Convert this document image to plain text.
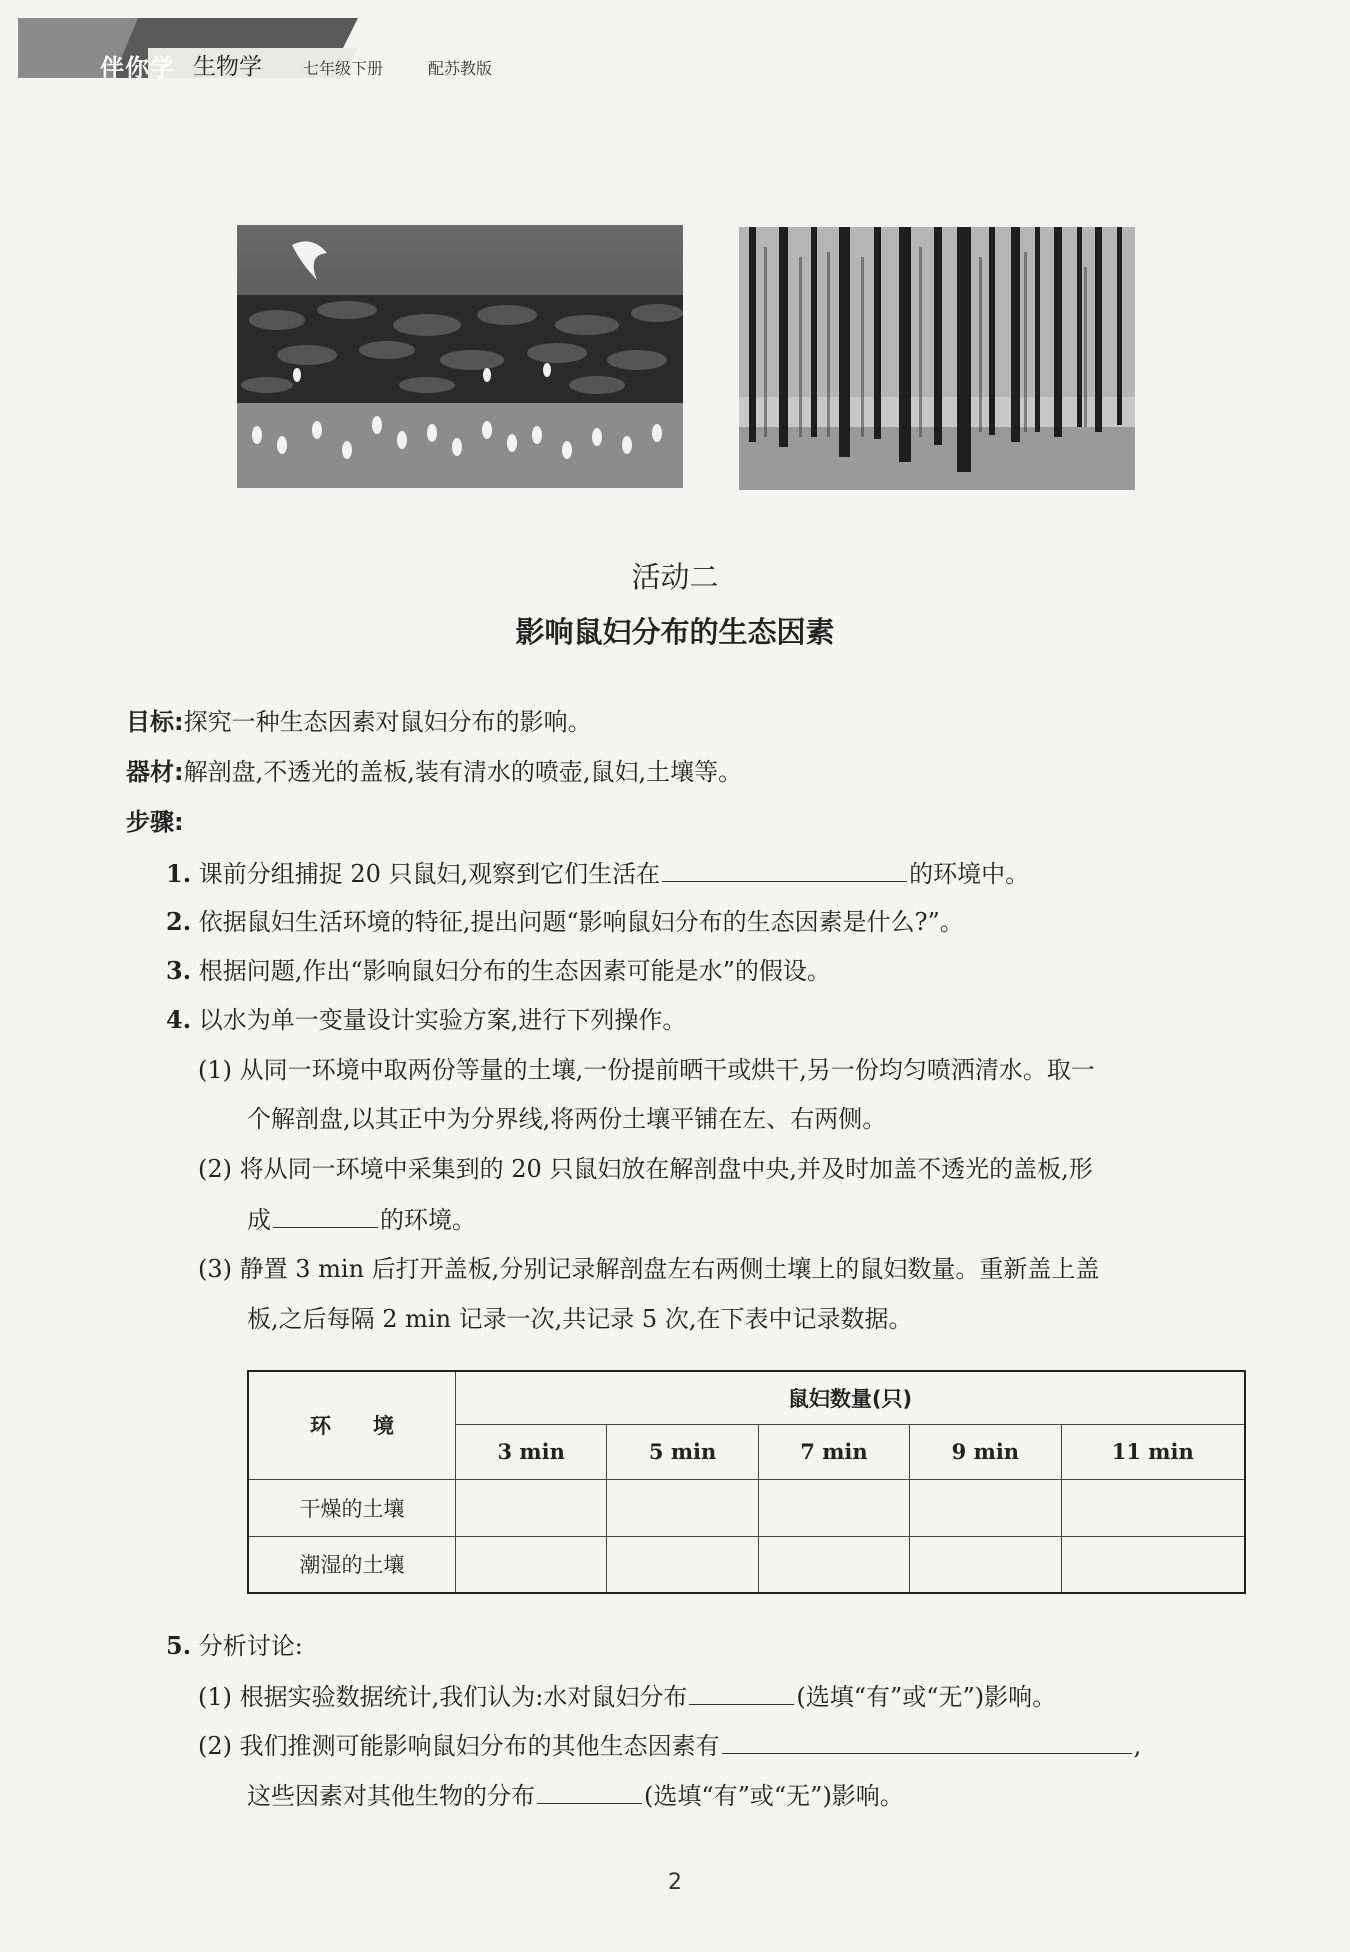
伴你学 生物学	七年级下册	配苏教版
活动二
影响鼠妇分布的生态因素
目标:探究一种生态因素对鼠妇分布的影响。
器材:解剖盘,不透光的盖板,装有清水的喷壶,鼠妇,土壤等。
步骤:
1. 课前分组捕捉 20 只鼠妇,观察到它们生活在	的环境中。
2. 依据鼠妇生活环境的特征,提出问题“影响鼠妇分布的生态因素是什么?”。
3. 根据问题,作出“影响鼠妇分布的生态因素可能是水”的假设。
4. 以水为单一变量设计实验方案,进行下列操作。
(1) 从同一环境中取两份等量的土壤,一份提前晒干或烘干,另一份均匀喷洒清水。取一
个解剖盘,以其正中为分界线,将两份土壤平铺在左、右两侧。
(2) 将从同一环境中采集到的 20 只鼠妇放在解剖盘中央,并及时加盖不透光的盖板,形
成	的环境。
(3) 静置 3 min 后打开盖板,分别记录解剖盘左右两侧土壤上的鼠妇数量。重新盖上盖
板,之后每隔 2 min 记录一次,共记录 5 次,在下表中记录数据。
环　　境	鼠妇数量(只)				
	3 min	5 min	7 min	9 min	11 min
干燥的土壤					
潮湿的土壤					
5. 分析讨论:
(1) 根据实验数据统计,我们认为:水对鼠妇分布	(选填“有”或“无”)影响。
(2) 我们推测可能影响鼠妇分布的其他生态因素有	,
这些因素对其他生物的分布	(选填“有”或“无”)影响。
2
